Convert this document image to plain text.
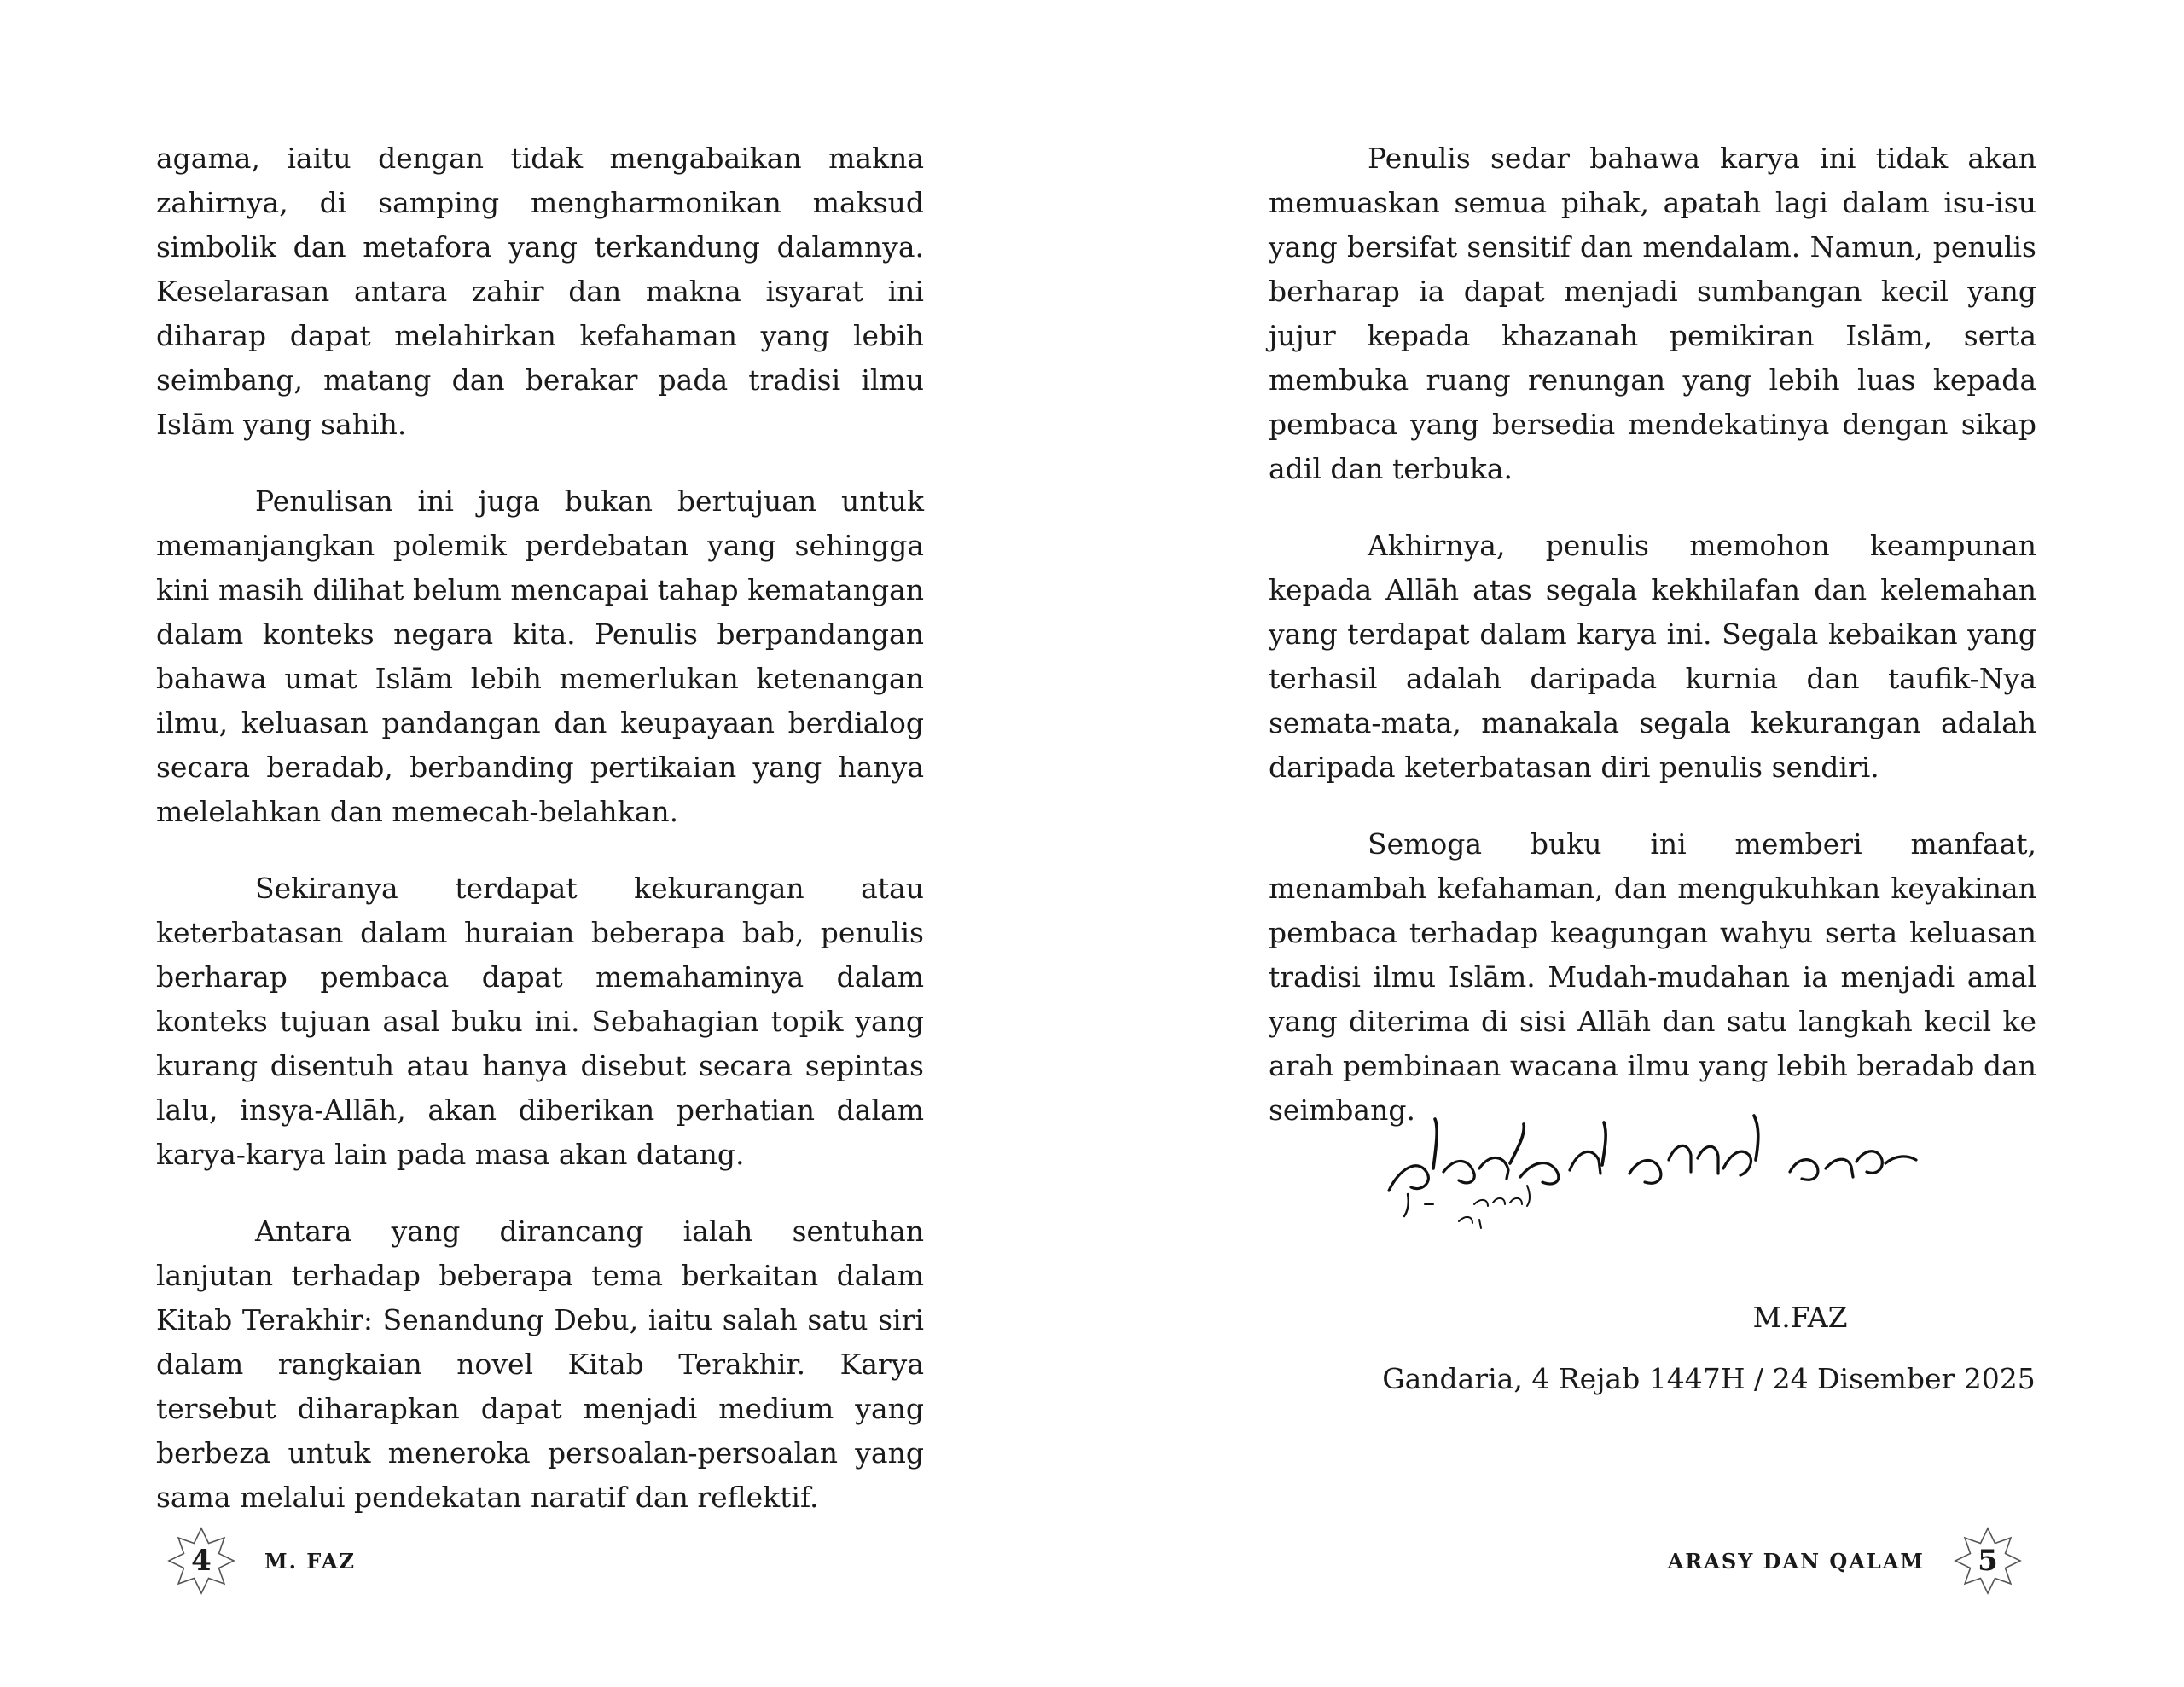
agama, iaitu dengan tidak mengabaikan makna zahirnya, di samping mengharmonikan maksud simbolik dan metafora yang terkandung dalamnya. Keselarasan antara zahir dan makna isyarat ini diharap dapat melahirkan kefahaman yang lebih seimbang, matang dan berakar pada tradisi ilmu Islām yang sahih.

Penulisan ini juga bukan bertujuan untuk memanjangkan polemik perdebatan yang sehingga kini masih dilihat belum mencapai tahap kematangan dalam konteks negara kita. Penulis berpandangan bahawa umat Islām lebih memerlukan ketenangan ilmu, keluasan pandangan dan keupayaan berdialog secara beradab, berbanding pertikaian yang hanya melelahkan dan memecah-belahkan.

Sekiranya terdapat kekurangan atau keterbatasan dalam huraian beberapa bab, penulis berharap pembaca dapat memahaminya dalam konteks tujuan asal buku ini. Sebahagian topik yang kurang disentuh atau hanya disebut secara sepintas lalu, insya-Allāh, akan diberikan perhatian dalam karya-karya lain pada masa akan datang.

Antara yang dirancang ialah sentuhan lanjutan terhadap beberapa tema berkaitan dalam Kitab Terakhir: Senandung Debu, iaitu salah satu siri dalam rangkaian novel Kitab Terakhir. Karya tersebut diharapkan dapat menjadi medium yang berbeza untuk meneroka persoalan-persoalan yang sama melalui pendekatan naratif dan reflektif.

4	M. FAZ

Penulis sedar bahawa karya ini tidak akan memuaskan semua pihak, apatah lagi dalam isu-isu yang bersifat sensitif dan mendalam. Namun, penulis berharap ia dapat menjadi sumbangan kecil yang jujur kepada khazanah pemikiran Islām, serta membuka ruang renungan yang lebih luas kepada pembaca yang bersedia mendekatinya dengan sikap adil dan terbuka.

Akhirnya, penulis memohon keampunan kepada Allāh atas segala kekhilafan dan kelemahan yang terdapat dalam karya ini. Segala kebaikan yang terhasil adalah daripada kurnia dan taufik-Nya semata-mata, manakala segala kekurangan adalah daripada keterbatasan diri penulis sendiri.

Semoga buku ini memberi manfaat, menambah kefahaman, dan mengukuhkan keyakinan pembaca terhadap keagungan wahyu serta keluasan tradisi ilmu Islām. Mudah-mudahan ia menjadi amal yang diterima di sisi Allāh dan satu langkah kecil ke arah pembinaan wacana ilmu yang lebih beradab dan seimbang.

M.FAZ
Gandaria, 4 Rejab 1447H / 24 Disember 2025
ARASY DAN QALAM	5
